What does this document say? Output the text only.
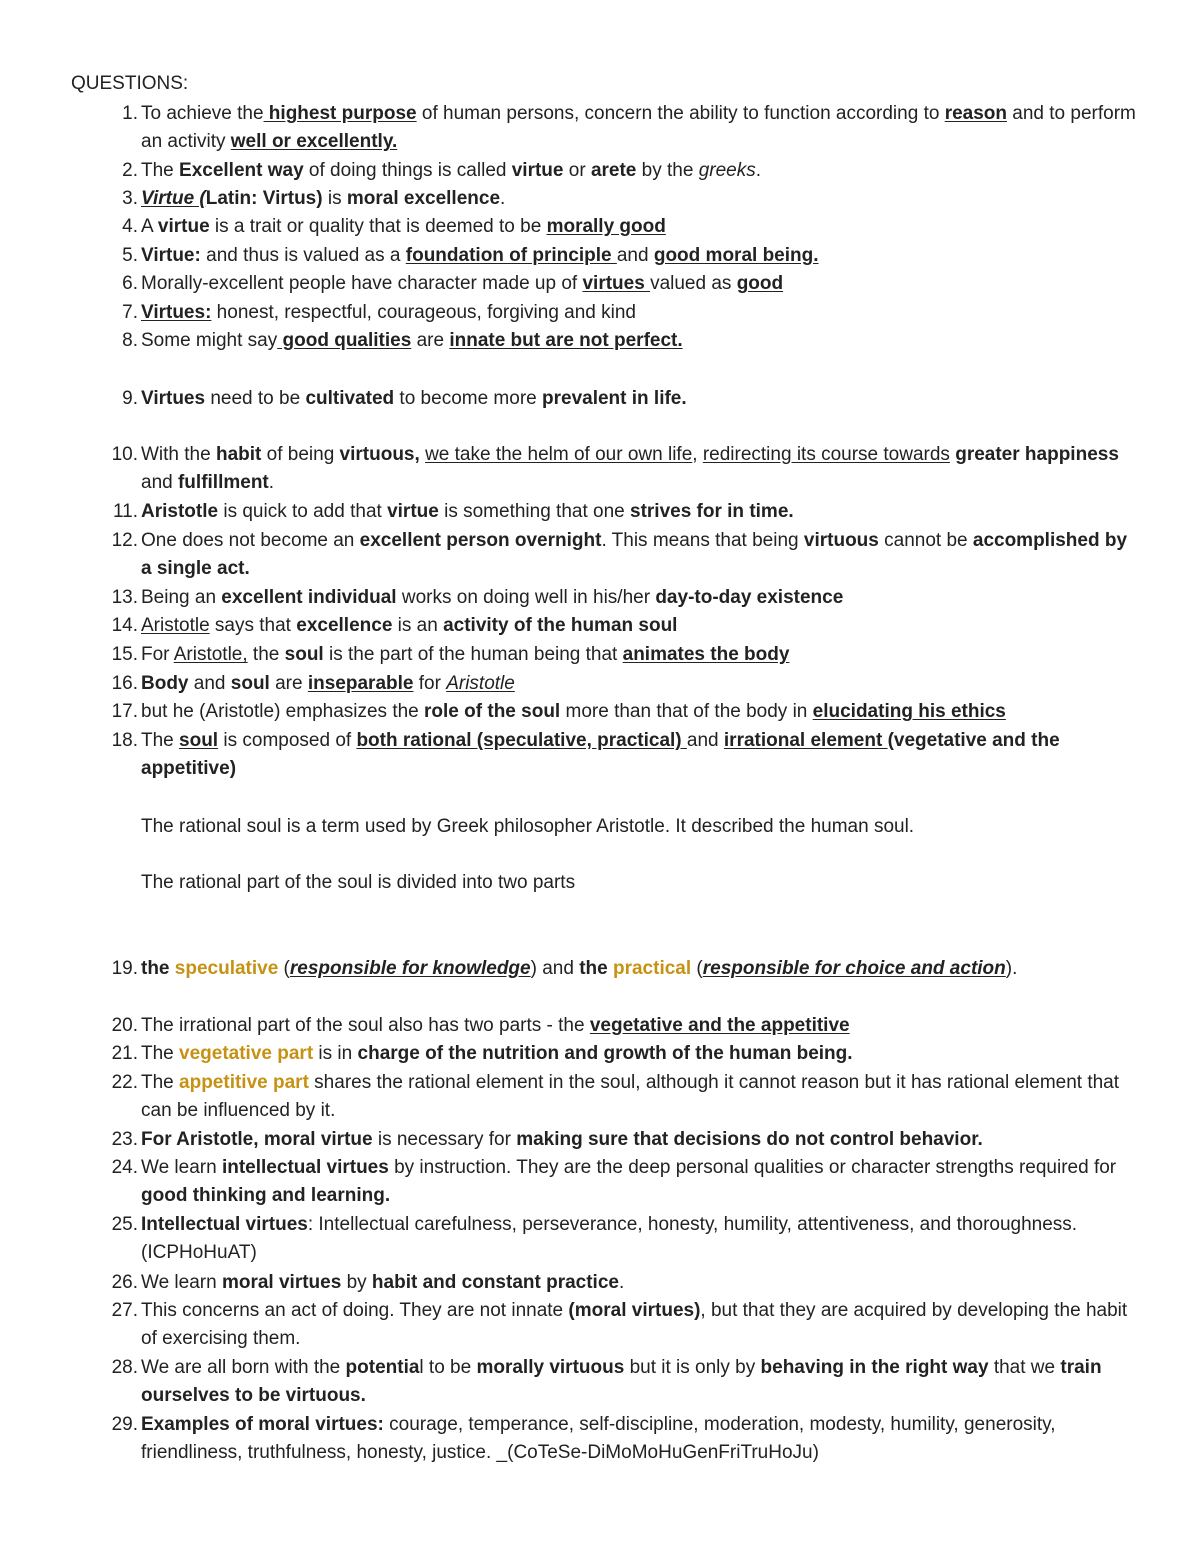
QUESTIONS:
1. To achieve the highest purpose of human persons, concern the ability to function according to reason and to perform an activity well or excellently.
2. The Excellent way of doing things is called virtue or arete by the greeks.
3. Virtue (Latin: Virtus) is moral excellence.
4. A virtue is a trait or quality that is deemed to be morally good
5. Virtue: and thus is valued as a foundation of principle and good moral being.
6. Morally-excellent people have character made up of virtues valued as good
7. Virtues: honest, respectful, courageous, forgiving and kind
8. Some might say good qualities are innate but are not perfect.
9. Virtues need to be cultivated to become more prevalent in life.
10. With the habit of being virtuous, we take the helm of our own life, redirecting its course towards greater happiness and fulfillment.
11. Aristotle is quick to add that virtue is something that one strives for in time.
12. One does not become an excellent person overnight. This means that being virtuous cannot be accomplished by a single act.
13. Being an excellent individual works on doing well in his/her day-to-day existence
14. Aristotle says that excellence is an activity of the human soul
15. For Aristotle, the soul is the part of the human being that animates the body
16. Body and soul are inseparable for Aristotle
17. but he (Aristotle) emphasizes the role of the soul more than that of the body in elucidating his ethics
18. The soul is composed of both rational (speculative, practical) and irrational element (vegetative and the appetitive)
19. the speculative (responsible for knowledge) and the practical (responsible for choice and action).
20. The irrational part of the soul also has two parts - the vegetative and the appetitive
21. The vegetative part is in charge of the nutrition and growth of the human being.
22. The appetitive part shares the rational element in the soul, although it cannot reason but it has rational element that can be influenced by it.
23. For Aristotle, moral virtue is necessary for making sure that decisions do not control behavior.
24. We learn intellectual virtues by instruction. They are the deep personal qualities or character strengths required for good thinking and learning.
25. Intellectual virtues: Intellectual carefulness, perseverance, honesty, humility, attentiveness, and thoroughness. (ICPHoHuAT)
26. We learn moral virtues by habit and constant practice.
27. This concerns an act of doing. They are not innate (moral virtues), but that they are acquired by developing the habit of exercising them.
28. We are all born with the potential to be morally virtuous but it is only by behaving in the right way that we train ourselves to be virtuous.
29. Examples of moral virtues: courage, temperance, self-discipline, moderation, modesty, humility, generosity, friendliness, truthfulness, honesty, justice. _(CoTeSe-DiMoMoHuGenFriTruHoJu)
The rational soul is a term used by Greek philosopher Aristotle. It described the human soul.
The rational part of the soul is divided into two parts
